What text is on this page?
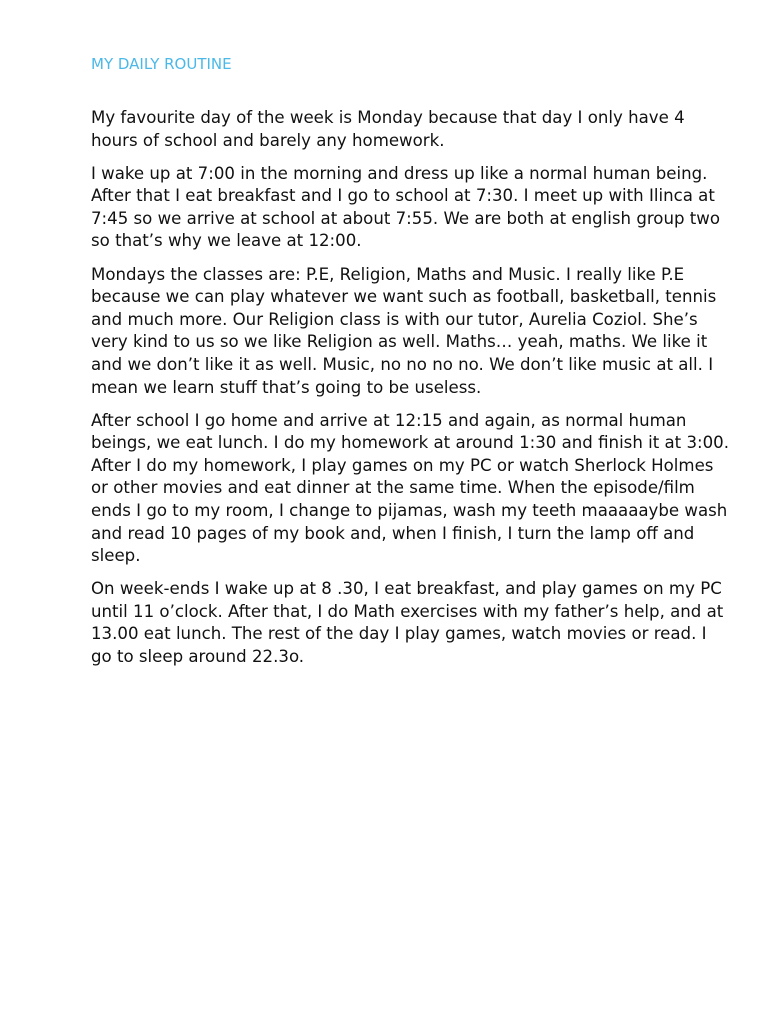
MY DAILY ROUTINE

My favourite day of the week is Monday because that day I only have 4 hours of school and barely any homework.

I wake up at 7:00 in the morning and dress up like a normal human being. After that I eat breakfast and I go to school at 7:30. I meet up with Ilinca at 7:45 so we arrive at school at about 7:55. We are both at english group two so that’s why we leave at 12:00.

Mondays the classes are: P.E, Religion, Maths and Music. I really like P.E because we can play whatever we want such as football, basketball, tennis and much more. Our Religion class is with our tutor, Aurelia Coziol. She’s very kind to us so we like Religion as well. Maths… yeah, maths. We like it and we don’t like it as well. Music, no no no no. We don’t like music at all. I mean we learn stuff that’s going to be useless.

After school I go home and arrive at 12:15 and again, as normal human beings, we eat lunch. I do my homework at around 1:30 and finish it at 3:00. After I do my homework, I play games on my PC or watch Sherlock Holmes or other movies and eat dinner at the same time. When the episode/film ends I go to my room, I change to pijamas, wash my teeth maaaaaybe wash and read 10 pages of my book and, when I finish, I turn the lamp off and sleep.

On week-ends I wake up at 8 .30, I eat breakfast, and play games on my PC until 11 o’clock. After that, I do Math exercises with my father’s help, and at 13.00 eat lunch. The rest of the day I play games, watch movies or read. I go to sleep around 22.3o.
